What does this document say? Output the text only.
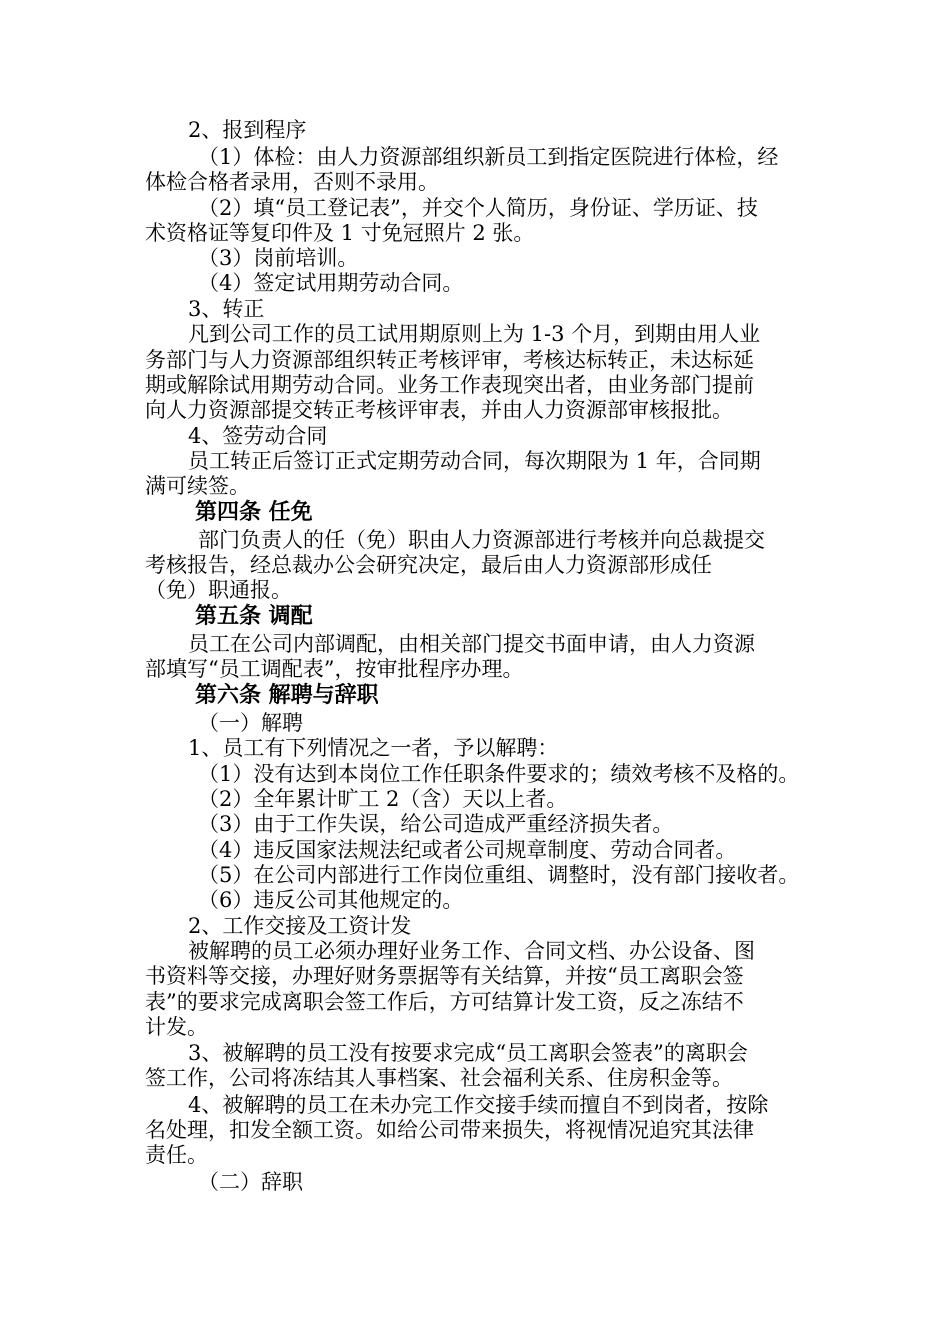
2、报到程序
（1）体检：由人力资源部组织新员工到指定医院进行体检，经
体检合格者录用，否则不录用。
（2）填“员工登记表”，并交个人简历，身份证、学历证、技
术资格证等复印件及 1 寸免冠照片 2 张。
（3）岗前培训。
（4）签定试用期劳动合同。
3、转正
凡到公司工作的员工试用期原则上为 1-3 个月，到期由用人业
务部门与人力资源部组织转正考核评审，考核达标转正，未达标延
期或解除试用期劳动合同。业务工作表现突出者，由业务部门提前
向人力资源部提交转正考核评审表，并由人力资源部审核报批。
4、签劳动合同
员工转正后签订正式定期劳动合同，每次期限为 1 年，合同期
满可续签。
第四条 任免
部门负责人的任（免）职由人力资源部进行考核并向总裁提交
考核报告，经总裁办公会研究决定，最后由人力资源部形成任
（免）职通报。
第五条 调配
员工在公司内部调配，由相关部门提交书面申请，由人力资源
部填写“员工调配表”，按审批程序办理。
第六条 解聘与辞职
（一）解聘
1、员工有下列情况之一者，予以解聘：
（1）没有达到本岗位工作任职条件要求的；绩效考核不及格的。
（2）全年累计旷工 2（含）天以上者。
（3）由于工作失误，给公司造成严重经济损失者。
（4）违反国家法规法纪或者公司规章制度、劳动合同者。
（5）在公司内部进行工作岗位重组、调整时，没有部门接收者。
（6）违反公司其他规定的。
2、工作交接及工资计发
被解聘的员工必须办理好业务工作、合同文档、办公设备、图
书资料等交接，办理好财务票据等有关结算，并按“员工离职会签
表”的要求完成离职会签工作后，方可结算计发工资，反之冻结不
计发。
3、被解聘的员工没有按要求完成“员工离职会签表”的离职会
签工作，公司将冻结其人事档案、社会福利关系、住房积金等。
4、被解聘的员工在未办完工作交接手续而擅自不到岗者，按除
名处理，扣发全额工资。如给公司带来损失，将视情况追究其法律
责任。
（二）辞职
